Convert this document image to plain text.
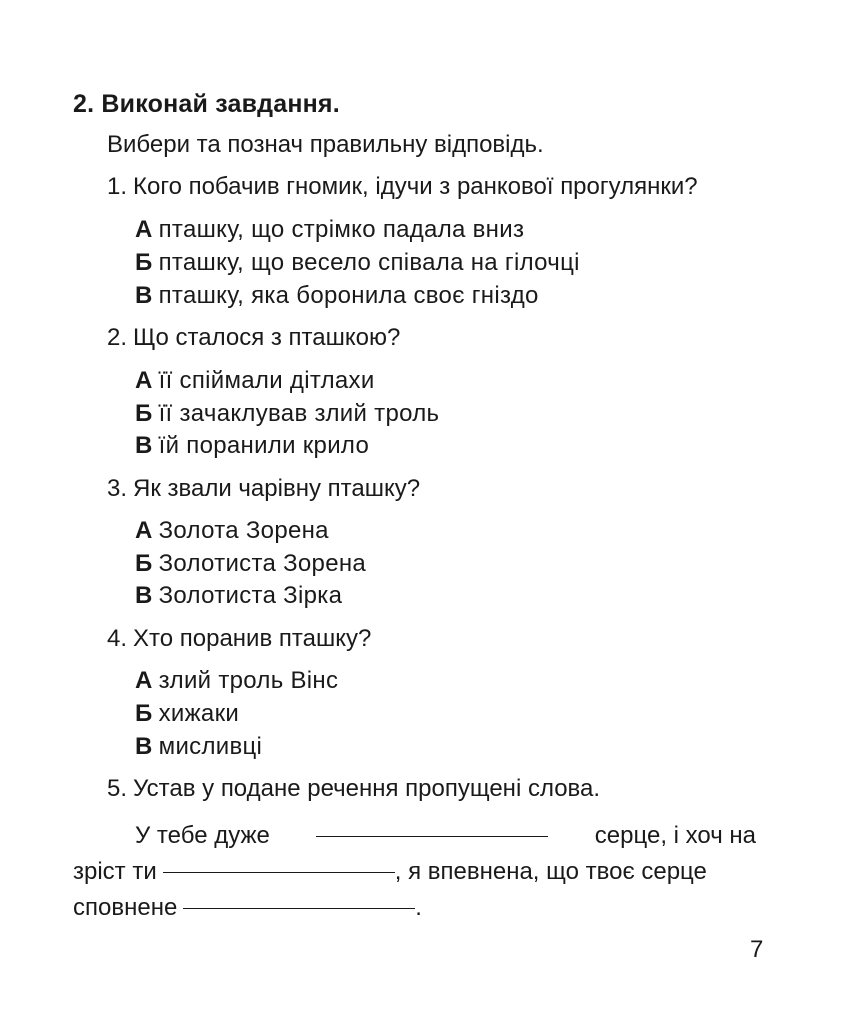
2. Виконай завдання.
Вибери та познач правильну відповідь.
1. Кого побачив гномик, ідучи з ранкової прогулянки?
А пташку, що стрімко падала вниз
Б пташку, що весело співала на гілочці
В пташку, яка боронила своє гніздо
2. Що сталося з пташкою?
А її спіймали дітлахи
Б її зачаклував злий троль
В їй поранили крило
3. Як звали чарівну пташку?
А Золота Зорена
Б Золотиста Зорена
В Золотиста Зірка
4. Хто поранив пташку?
А злий троль Вінс
Б хижаки
В мисливці
5. Устав у подане речення пропущені слова.
У тебе дуже	серце, і хоч на
зріст ти	, я впевнена, що твоє серце
сповнене	.
7
